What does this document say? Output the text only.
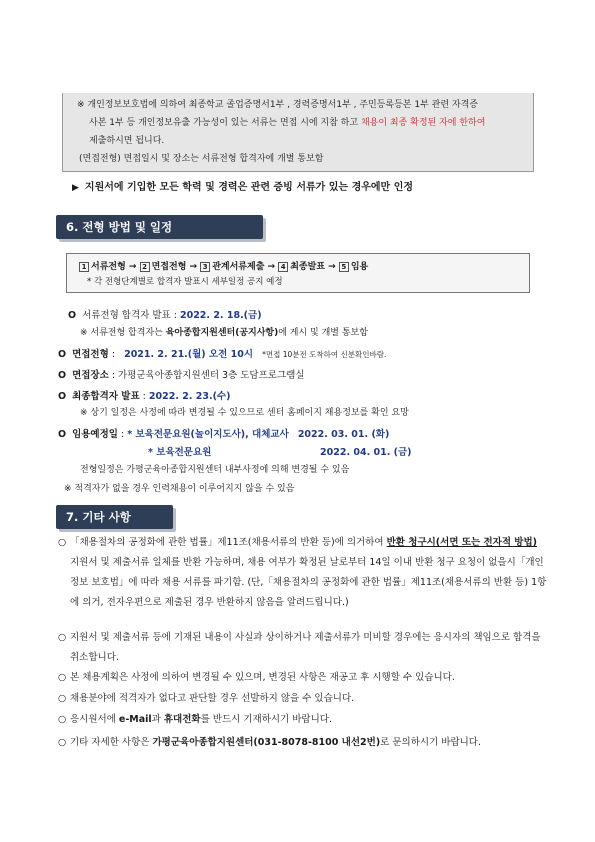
※ 개인정보보호법에 의하여 최종학교 졸업증명서1부 , 경력증명서1부 , 주민등록등본 1부 관련 자격증
사본 1부 등 개인정보유출 가능성이 있는 서류는 면접 시에 지참 하고 채용이 최종 확정된 자에 한하여
제출하시면 됩니다.
(면접전형) 면접일시 및 장소는 서류전형 합격자에 개별 통보함
▶ 지원서에 기입한 모든 학력 및 경력은 관련 증빙 서류가 있는 경우에만 인정
6. 전형 방법 및 일정
1 서류전형 → 2 면접전형 → 3 관계서류제출 → 4 최종발표 → 5 임용
* 각 전형단계별로 합격자 발표시 세부일정 공지 예정
O 서류전형 합격자 발표 : 2022. 2. 18.(금)
※ 서류전형 합격자는 육아종합지원센터(공지사항)에 게시 및 개별 통보함
O 면접전형 :   2021. 2. 21.(월) 오전 10시 *면접 10분전 도착하여 신분확인바람.
O 면접장소 : 가평군육아종합지원센터 3층 도담프로그램실
O 최종합격자 발표 : 2022. 2. 23.(수)
※ 상기 일정은 사정에 따라 변경될 수 있으므로 센터 홈페이지 채용정보를 확인 요망
O 임용예정일 : * 보육전문요원(놀이지도사), 대체교사 2022. 03. 01. (화)
* 보육전문요원	2022. 04. 01. (금)
전형일정은 가평군육아종합지원센터 내부사정에 의해 변경될 수 있음
※ 적격자가 없을 경우 인력채용이 이루어지지 않을 수 있음
7. 기타 사항
○ 「채용절차의 공정화에 관한 법률」제11조(채용서류의 반환 등)에 의거하여 반환 청구시(서면 또는 전자적 방법) 지원서 및 제출서류 일체를 반환 가능하며, 채용 여부가 확정된 날로부터 14일 이내 반환 청구 요청이 없을시「개인정보 보호법」에 따라 채용 서류를 파기함. (단,「채용절차의 공정화에 관한 법률」제11조(채용서류의 반환 등) 1항에 의거, 전자우편으로 제출된 경우 반환하지 않음을 알려드립니다.)
○ 지원서 및 제출서류 등에 기재된 내용이 사실과 상이하거나 제출서류가 미비할 경우에는 응시자의 책임으로 합격을 취소합니다.
○ 본 채용계획은 사정에 의하여 변경될 수 있으며, 변경된 사항은 재공고 후 시행할 수 있습니다.
○ 채용분야에 적격자가 없다고 판단할 경우 선발하지 않을 수 있습니다.
○ 응시원서에 e-Mail과 휴대전화를 반드시 기재하시기 바랍니다.
○ 기타 자세한 사항은 가평군육아종합지원센터(031-8078-8100 내선2번)로 문의하시기 바랍니다.
